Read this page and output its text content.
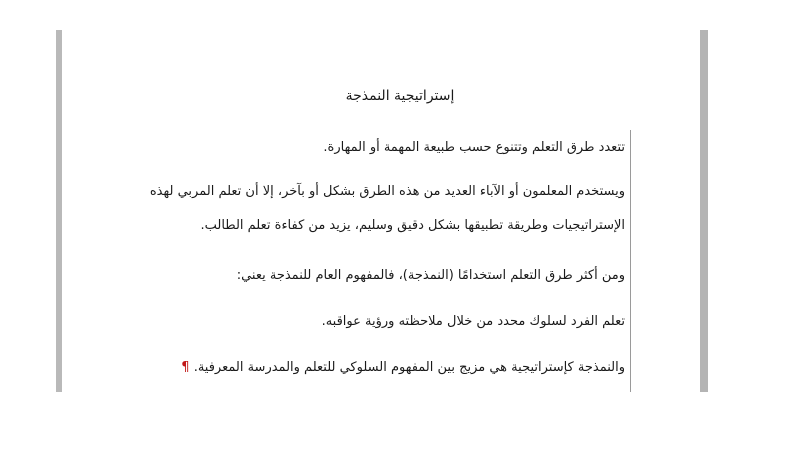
إستراتيجية النمذجة
تتعدد طرق التعلم وتتنوع حسب طبيعة المهمة أو المهارة.
ويستخدم المعلمون أو الآباء العديد من هذه الطرق بشكل أو بآخر، إلا أن تعلم المربي لهذه
الإستراتيجيات وطريقة تطبيقها بشكل دقيق وسليم، يزيد من كفاءة تعلم الطالب.
ومن أكثر طرق التعلم استخدامًا (النمذجة)، فالمفهوم العام للنمذجة يعني:
تعلم الفرد لسلوك محدد من خلال ملاحظته ورؤية عواقبه.
والنمذجة كإستراتيجية هي مزيج بين المفهوم السلوكي للتعلم والمدرسة المعرفية. ¶
